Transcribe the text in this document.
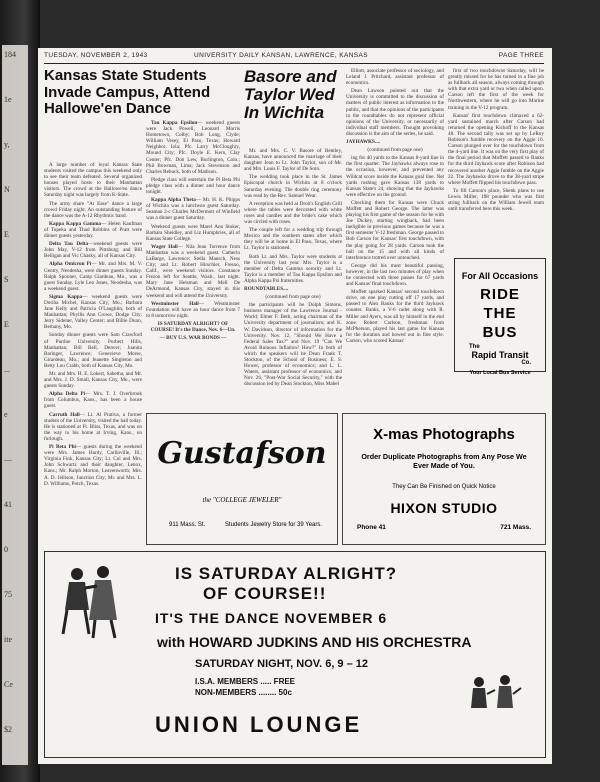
184
1e
y,
N
E
S
E
...
e
—
41
0
75
ite
Ce
$2
TUESDAY, NOVEMBER 2, 1943	UNIVERSITY DAILY KANSAN, LAWRENCE, KANSAS	PAGE THREE
Kansas State Students Invade Campus, Attend Hallowe'en Dance

A large number of loyal Kansas State students visited the campus this weekend only to see their team defeated. Several organized houses played hosts to their Manhattan visitors. The crowd at the Hallowe'en dance Saturday night was largely from K-State.

The army share "At Ease" dance a large crowd Friday night. An outstanding feature of the dance was the A-12 Rhythmic band.

Kappa Kappa Gamma— Helen Kaufman of Topeka and Thad Robbins of Pratt were dinner guests yesterday.

Delta Tau Delta—weekend guests were John May, V-12 from Pittsburg; and Bill Belligan and Vic Chasky, all of Kansas City.

Alpha Omicron Pi— Mr. and Mrs. M. V. Gentry, Neodesha, were dinner guests Sunday. Ralph Spooner, Camp Giardeau, Mo., was a guest Sunday. Lyle Leo Jones, Neodesha, was a weekend guest.

Sigma Kappa— weekend guests were Doriha Michel, Kansas City, Mo.; Barbara Jane Kelly and Patricia O'Laughlin, both of Manhattan; Phyllis Ann Crowe, Dodge City; Jerry Sidener, Valley Center; and Billie Dunn, Bethany, Mo.

Sunday dinner guests were Sam Crawford of Purdue University, Porbert Hills, Manhattan; Bill Bell, Denver; Juanita Baringer, Lawrence; Genevieve Morse, Girardeau, Mo.; and Jeanette Singleton and Betty Lou Crabb, both of Kansas City, Mo.

Mr. and Mrs. H. E. Lokert, Sabetha, and Mr. and Mrs. J. D. Small, Kansas City, Mo., were guests Sunday.

Alpha Delta Pi— Mrs. T. J. Overbrook from Columbus, Kans., has been a house guest.

Carruth Hall— Lt. Al Prativa, a former student of the University, visited the hall today. He is stationed at Ft. Bliss, Texas, and was on the way to his home at Irving, Kans., on furlough.

Pi Beta Phi— guests during the weekend were Mrs. James Hardy, Carlinville, Ill.; Virginia Fink, Kansas City; Lt. Col and Mrs. John Schwartz and their daughter, Lenox, Kans.; Mr. Ralph Morton, Leavenworth; Mrs. A. D. Jellison, Junction City; Mr. and Mrs. L. D. Williams, Potch, Texas.

Tau Kappa Epsilon— weekend guests were Jack Powell, Leonard Morris Hometown, Colby; Bob Long, Clyde; William Vesey, El Paso, Texas; Howard Neighbor, Iola; Pfc. Larry McCloughry, Mound City; Pfc. Doyle E. Kern, Clay Center; Pfc. Don Lew, Burlington, Colo.; Phil Bowman, Lima; Jack Stevenson and Charles Rebuck, both of Madison.

Pledge class will entertain the Pi Beta Phi pledge class with a dinner and hour dance tonight.

Kappa Alpha Theta— Mr. H. K. Phipps of Wichita was a luncheon guest Saturday. Seaman 2-c Charles McDermott of Winfield was a dinner guest Saturday.

Weekend guests were Marel Ann Stoker, Barbara Sheidley, and Liz Humphries, all of Kansas State College.

Wager Hall— Nila Jean Torrence from Manhattan was a weekend guest. Catherin LaBarge, Lawrence; Stella Mansch, Ness City; and Lt. Robert Hirschler, Fresno, Calif., were weekend visitors. Constance Frezon left for Seattle, Wash., last night. Mary Jane Helsman and Mell De DeArmond, Kansas City, stayed in this weekend and will attend the University.

Westminster Hall— Westminster Foundation will have an hour dance from 7 to 8 tomorrow night.

IS SATURDAY ALRIGHT? OF COURSE! It's the Dance, Nov. 6—Un.

— BUY U.S. WAR BONDS —

Basore and Taylor Wed In Wichita

Mr. and Mrs. C. V. Basore of Bentley, Kansas, have announced the marriage of their daughter Jean to Lt. John Taylor, son of Mr. and Mrs. Louis F. Taylor of De Soto.

The wedding took place in the St. James Episcopal church in Wichita at 8 o'clock Saturday evening. The double ring ceremony was read by the Rev. Samuel Wear.

A reception was held at Droit's English Grill where the tables were decorated with white roses and candles and the bride's cake which was circled with roses.

The couple left for a wedding trip through Mexico and the southern states after which they will be at home in El Paso, Texas, where Lt. Taylor is stationed.

Both Lt. and Mrs. Taylor were students at the University last year. Mrs. Taylor is a member of Delta Gamma sorority and Lt. Taylor is a member of Tau Kappa Epsilon and Alpha Kappa Psi fraternities.

ROUNDTABLES....

(continued from page one)

the participants will be Dolph Simons, business manager of the Lawrence Journal - World; Elmer F. Beth, acting chairman of the University department of journalism; and K. W. Davidson, director of information for the University. Nov. 12, "Should We Have a Federal Sales Tax?" and Nov. 19 "Can We Avoid Ruinous Inflation? How?" In both of which the speakers will be Dean Frank T. Stockton, of the School of Business; E. S. Hower, professor of economics; and L. L. Waters, assistant professor of economics; and Nov. 26, "Post-War Social Security," with the discussion led by Dean Stockton, Miss Mabel

Elliott, associate professor of sociology, and Leland J. Pritchard, assistant professor of economics.

Dean Lawson pointed out that the University is committed to the discussion of matters of public interest as information to the public, and that the opinions of the participants in the roundtables do not represent official opinions of the University, or necessarily of individual staff members. Thought provoking discussion is the aim of the series, he said.

JAYHAWKS....

(continued from page one)

ing for 40 yards to the Kansas 8-yard line in the first quarter. The Jayhawks always rose to the occasion, however, and prevented any Wildcat score inside the Kansas goal line. Net yards rushing gave Kansas 138 yards to Kansas State's 24, showing that the Jayhawks were effective on the ground.

Chocking them for Kansas were Chuck Moffett and Robert George. The latter was playing his first game of the season for he with Joe Dickey, starting wingback, had been ineligible in previous games because he was a first semester V-12 freshman. George passed to Bob Carson for Kansas' first touchdown, with the play going for 28 yards. Carson took the ball on the 15 and with all kinds of interference trotted over untouched.

George did his most beautiful passing, however, in the last two minutes of play when he connected with three passes for 67 yards and Kansas' final touchdown.

Moffett sparked Kansas' second touchdown drive, on one play cutting off 17 yards, and passed to Alex Banks for the third Jayhawk counter. Banks, a V-6 cadet along with R. Miller and Ayers, was all by himself in the end zone. Robert Carlson, freshman from McPherson, played his last game for Kansas for the duration and bowed out in fine style. Carson, who scored Kansas'

first of two touchdowns Saturday, will be greatly missed for he has turned in a fine job as fullback all season, always coming through with that extra yard or two when called upon. Carson left the first of the week for Northwestern, where he will go into Marine training in the V-12 program.

Kansas' first touchdown climaxed a 62-yard sustained march after Carson had returned the opening Kickoff to the Kansas 48. The second tally was set up by LeRoy Robison's fumble recovery on the Aggie 16. Carson plunged over for the touchdown from the 4-yard line. It was on the very first play of the final period that Moffett passed to Banks for the third Jayhawk score after Robison had recovered another Aggie fumble on the Aggie 22. The Jayhawks drove to the 38-yard stripe where Moffett flipped his touchdown pass.

To fill Carson's place, Shenk plans to use Lewis Miller, 198 pounder who was first string fullback on the William Jewell team until transferred here this week.

For All Occasions
RIDE
THE
BUS
The
Rapid Transit
Co.
Your Local Bus Service
Gustafson
the "COLLEGE JEWELER"
911 Mass. St.	Students Jewelry Store for 39 Years.
X-mas Photographs
Order Duplicate Photographs from Any Pose We Ever Made of You.
They Can Be Finished on Quick Notice
HIXON STUDIO
Phone 41	721 Mass.
IS SATURDAY ALRIGHT?
OF COURSE!!
IT'S THE DANCE NOVEMBER 6
with HOWARD JUDKINS AND HIS ORCHESTRA
SATURDAY NIGHT, NOV. 6, 9 – 12
I.S.A. MEMBERS ..... FREE
NON-MEMBERS ........ 50c
UNION LOUNGE
